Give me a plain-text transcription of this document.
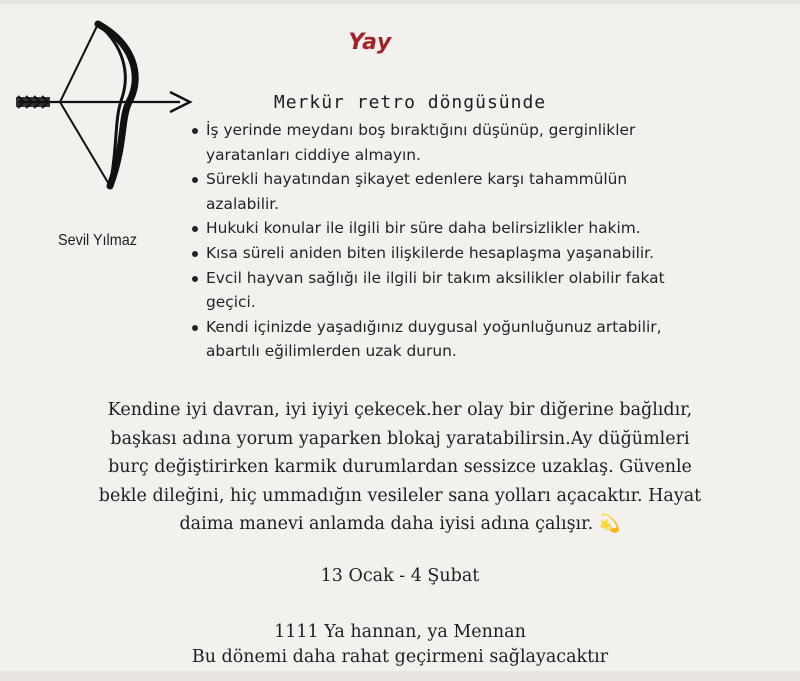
Yay
Merkür retro döngüsünde
Sevil Yılmaz
İş yerinde meydanı boş bıraktığını düşünüp, gerginlikler
yaratanları ciddiye almayın.
Sürekli hayatından şikayet edenlere karşı tahammülün
azalabilir.
Hukuki konular ile ilgili bir süre daha belirsizlikler hakim.
Kısa süreli aniden biten ilişkilerde hesaplaşma yaşanabilir.
Evcil hayvan sağlığı ile ilgili bir takım aksilikler olabilir fakat
geçici.
Kendi içinizde yaşadığınız duygusal yoğunluğunuz artabilir,
abartılı eğilimlerden uzak durun.

Kendine iyi davran, iyi iyiyi çekecek.her olay bir diğerine bağlıdır,
başkası adına yorum yaparken blokaj yaratabilirsin.Ay düğümleri
burç değiştirirken karmik durumlardan sessizce uzaklaş. Güvenle
bekle dileğini, hiç ummadığın vesileler sana yolları açacaktır. Hayat
daima manevi anlamda daha iyisi adına çalışır. 💫

13 Ocak - 4 Şubat
1111 Ya hannan, ya Mennan
Bu dönemi daha rahat geçirmeni sağlayacaktır
